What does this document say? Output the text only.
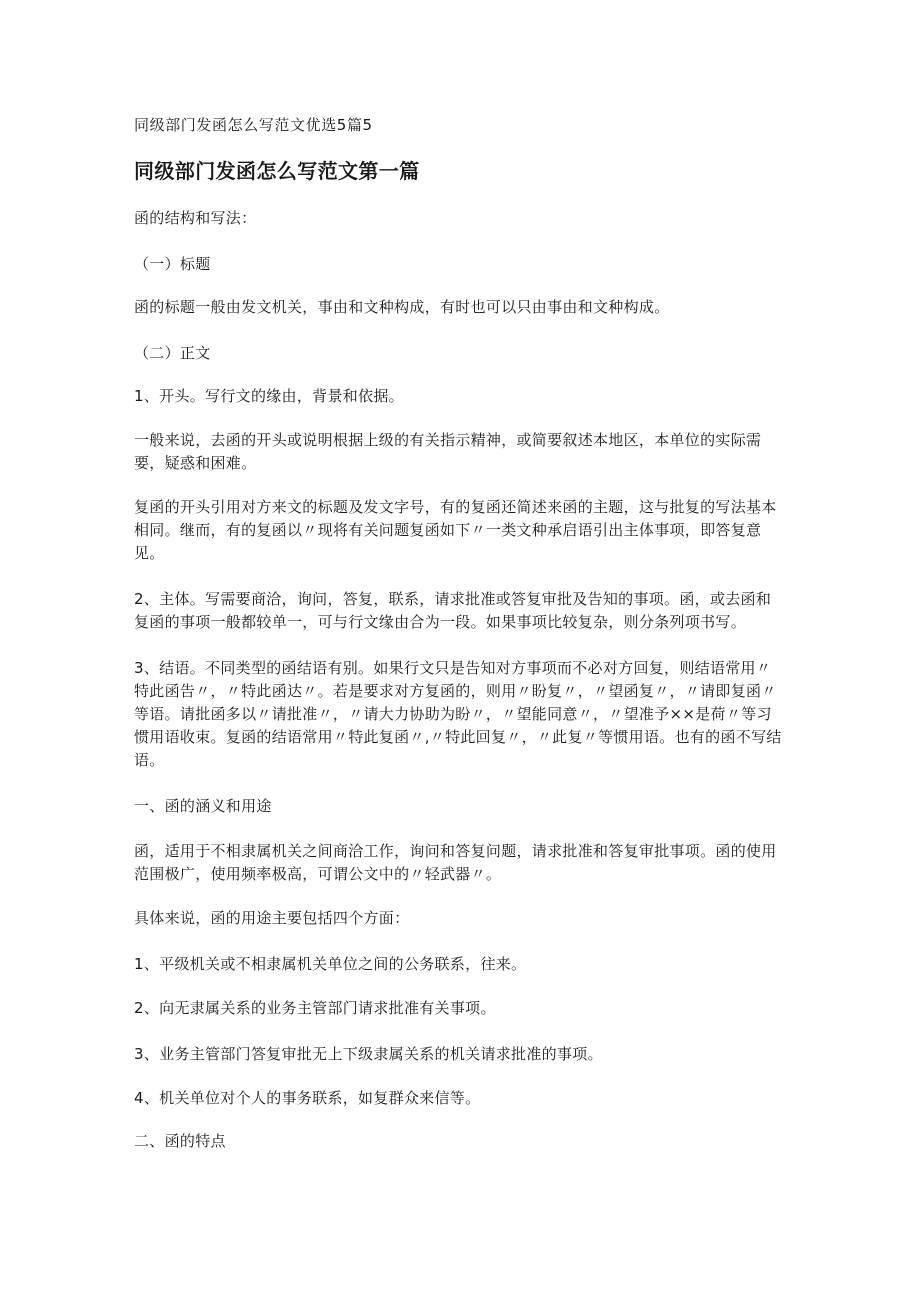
同级部门发函怎么写范文优选5篇5

同级部门发函怎么写范文第一篇

函的结构和写法：

（一）标题

函的标题一般由发文机关，事由和文种构成，有时也可以只由事由和文种构成。

（二）正文

1、开头。写行文的缘由，背景和依据。

一般来说，去函的开头或说明根据上级的有关指示精神，或简要叙述本地区，本单位的实际需要，疑惑和困难。

复函的开头引用对方来文的标题及发文字号，有的复函还简述来函的主题，这与批复的写法基本相同。继而，有的复函以〃现将有关问题复函如下〃一类文种承启语引出主体事项，即答复意见。

2、主体。写需要商洽，询问，答复，联系，请求批准或答复审批及告知的事项。函，或去函和复函的事项一般都较单一，可与行文缘由合为一段。如果事项比较复杂，则分条列项书写。

3、结语。不同类型的函结语有别。如果行文只是告知对方事项而不必对方回复，则结语常用〃特此函告〃，〃特此函达〃。若是要求对方复函的，则用〃盼复〃，〃望函复〃，〃请即复函〃等语。请批函多以〃请批准〃，〃请大力协助为盼〃，〃望能同意〃，〃望准予××是荷〃等习惯用语收束。复函的结语常用〃特此复函〃,〃特此回复〃，〃此复〃等惯用语。也有的函不写结语。

一、函的涵义和用途

函，适用于不相隶属机关之间商洽工作，询问和答复问题，请求批准和答复审批事项。函的使用范围极广，使用频率极高，可谓公文中的〃轻武器〃。

具体来说，函的用途主要包括四个方面：

1、平级机关或不相隶属机关单位之间的公务联系，往来。

2、向无隶属关系的业务主管部门请求批准有关事项。

3、业务主管部门答复审批无上下级隶属关系的机关请求批准的事项。

4、机关单位对个人的事务联系，如复群众来信等。

二、函的特点
